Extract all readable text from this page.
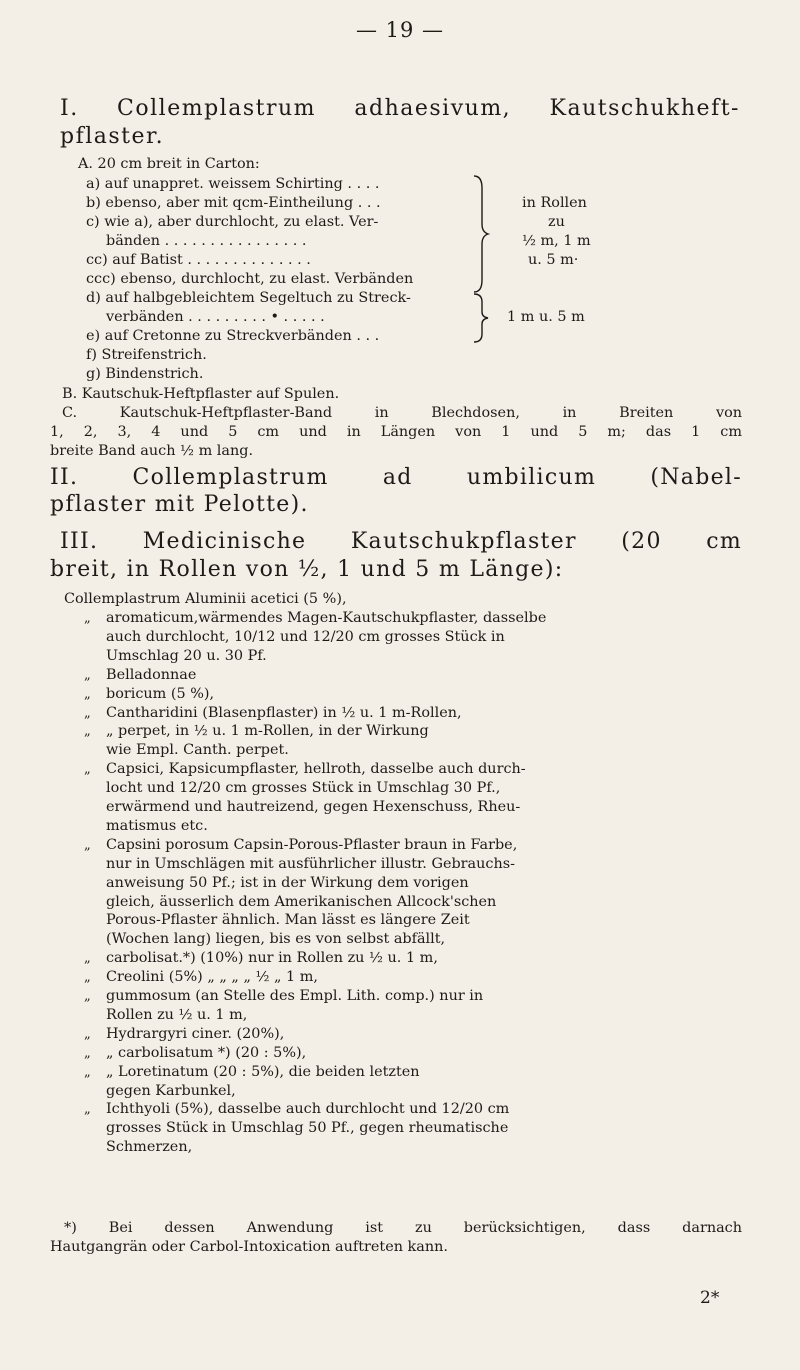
— 19 —
I. Collemplastrum adhaesivum, Kautschukheft-
pflaster.
A. 20 cm breit in Carton:
a) auf unappret. weissem Schirting . . . .
b) ebenso, aber mit qcm-Eintheilung . . .
c) wie a), aber durchlocht, zu elast. Ver-
bänden . . . . . . . . . . . . . . . .
cc) auf Batist . . . . . . . . . . . . . .
ccc) ebenso, durchlocht, zu elast. Verbänden
d) auf halbgebleichtem Segeltuch zu Streck-
verbänden . . . . . . . . . • . . . . .
e) auf Cretonne zu Streckverbänden . . .
f) Streifenstrich.
g) Bindenstrich.
in Rollen
zu
½ m, 1 m
u. 5 m·
1 m u. 5 m
B. Kautschuk-Heftpflaster auf Spulen.
C. Kautschuk-Heftpflaster-Band in Blechdosen, in Breiten von
1, 2, 3, 4 und 5 cm und in Längen von 1 und 5 m; das 1 cm
breite Band auch ½ m lang.
II. Collemplastrum ad umbilicum (Nabel-
pflaster mit Pelotte).
III. Medicinische Kautschukpflaster (20 cm
breit, in Rollen von ½, 1 und 5 m Länge):
Collemplastrum Aluminii acetici (5 %),
„ aromaticum,wärmendes Magen-Kautschukpflaster, dasselbe
auch durchlocht, 10/12 und 12/20 cm grosses Stück in
Umschlag 20 u. 30 Pf.
„ Belladonnae
„ boricum (5 %),
„ Cantharidini (Blasenpflaster) in ½ u. 1 m-Rollen,
„ „ perpet, in ½ u. 1 m-Rollen, in der Wirkung
wie Empl. Canth. perpet.
„ Capsici, Kapsicumpflaster, hellroth, dasselbe auch durch-
locht und 12/20 cm grosses Stück in Umschlag 30 Pf.,
erwärmend und hautreizend, gegen Hexenschuss, Rheu-
matismus etc.
„ Capsini porosum Capsin-Porous-Pflaster braun in Farbe,
nur in Umschlägen mit ausführlicher illustr. Gebrauchs-
anweisung 50 Pf.; ist in der Wirkung dem vorigen
gleich, äusserlich dem Amerikanischen Allcock'schen
Porous-Pflaster ähnlich. Man lässt es längere Zeit
(Wochen lang) liegen, bis es von selbst abfällt,
„ carbolisat.*) (10%) nur in Rollen zu ½ u. 1 m,
„ Creolini (5%) „ „ „ „ ½ „ 1 m,
„ gummosum (an Stelle des Empl. Lith. comp.) nur in
Rollen zu ½ u. 1 m,
„ Hydrargyri ciner. (20%),
„ „ carbolisatum *) (20 : 5%),
„ „ Loretinatum (20 : 5%), die beiden letzten
gegen Karbunkel,
„ Ichthyoli (5%), dasselbe auch durchlocht und 12/20 cm
grosses Stück in Umschlag 50 Pf., gegen rheumatische
Schmerzen,
*) Bei dessen Anwendung ist zu berücksichtigen, dass darnach
Hautgangrän oder Carbol-Intoxication auftreten kann.
2*
